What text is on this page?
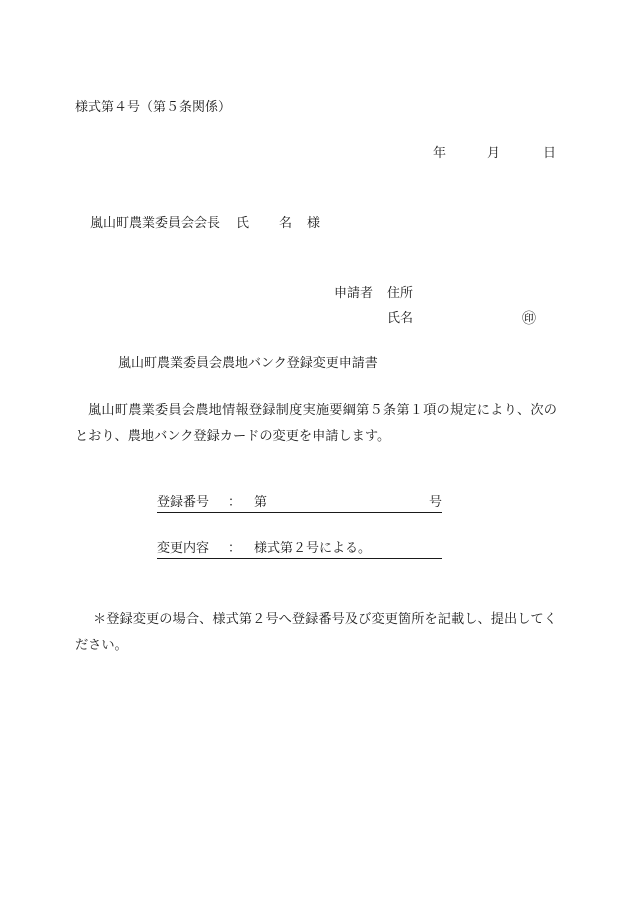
様式第４号（第５条関係）
年	月	日
嵐山町農業委員会会長 氏 名 様
申請者 住所
氏名	㊞
嵐山町農業委員会農地バンク登録変更申請書
嵐山町農業委員会農地情報登録制度実施要綱第５条第１項の規定により、次のとおり、農地バンク登録カードの変更を申請します。
登録番号 ： 第	号
変更内容 ： 様式第２号による。
＊登録変更の場合、様式第２号へ登録番号及び変更箇所を記載し、提出してください。
